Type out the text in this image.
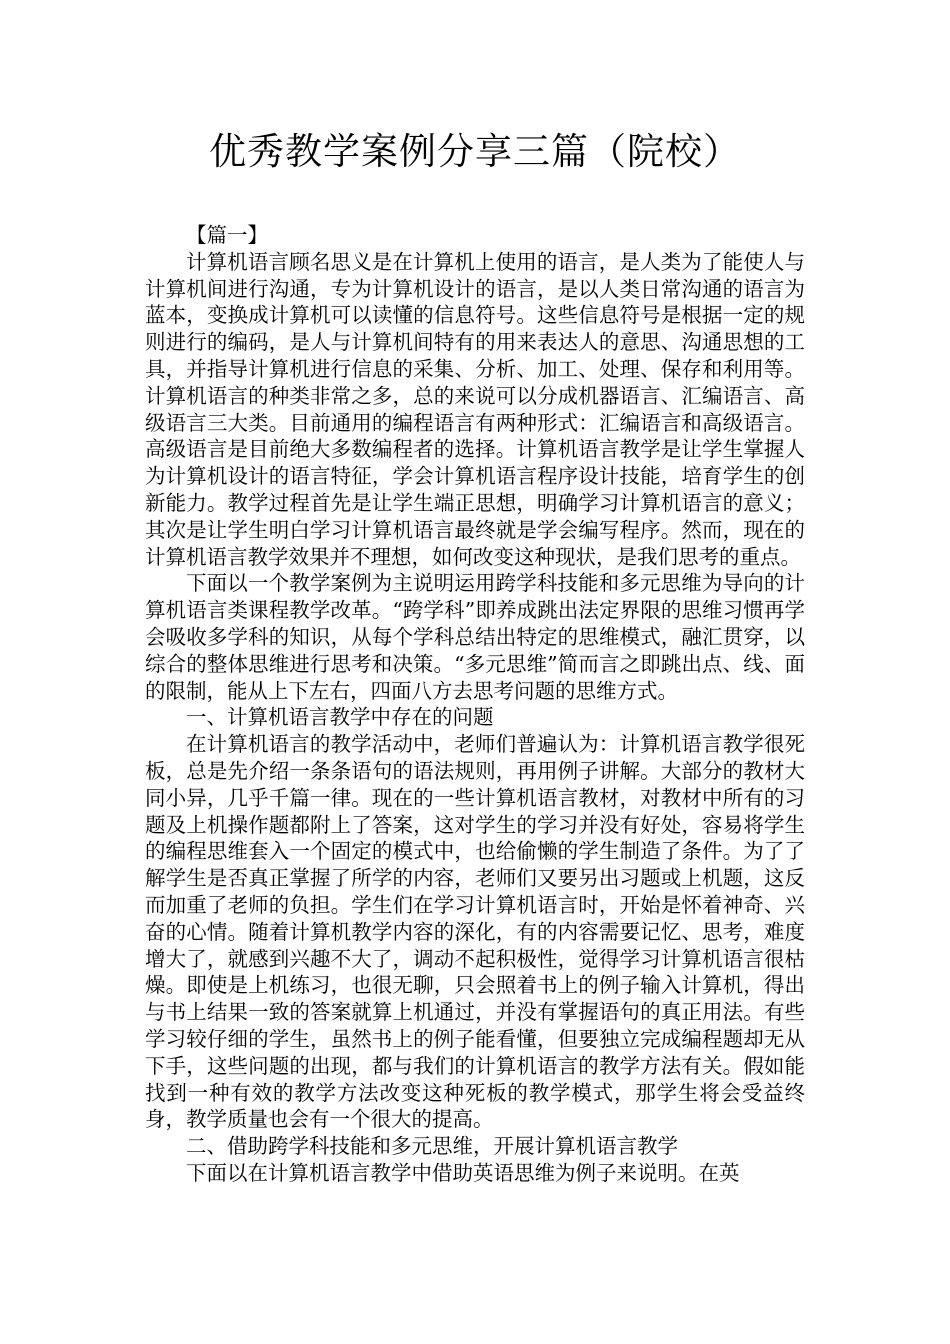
优秀教学案例分享三篇（院校）

【篇一】

计算机语言顾名思义是在计算机上使用的语言，是人类为了能使人与计算机间进行沟通，专为计算机设计的语言，是以人类日常沟通的语言为蓝本，变换成计算机可以读懂的信息符号。这些信息符号是根据一定的规则进行的编码，是人与计算机间特有的用来表达人的意思、沟通思想的工具，并指导计算机进行信息的采集、分析、加工、处理、保存和利用等。计算机语言的种类非常之多，总的来说可以分成机器语言、汇编语言、高级语言三大类。目前通用的编程语言有两种形式：汇编语言和高级语言。高级语言是目前绝大多数编程者的选择。计算机语言教学是让学生掌握人为计算机设计的语言特征，学会计算机语言程序设计技能，培育学生的创新能力。教学过程首先是让学生端正思想，明确学习计算机语言的意义；其次是让学生明白学习计算机语言最终就是学会编写程序。然而，现在的计算机语言教学效果并不理想，如何改变这种现状，是我们思考的重点。

下面以一个教学案例为主说明运用跨学科技能和多元思维为导向的计算机语言类课程教学改革。“跨学科”即养成跳出法定界限的思维习惯再学会吸收多学科的知识，从每个学科总结出特定的思维模式，融汇贯穿，以综合的整体思维进行思考和决策。“多元思维”简而言之即跳出点、线、面的限制，能从上下左右，四面八方去思考问题的思维方式。

一、计算机语言教学中存在的问题

在计算机语言的教学活动中，老师们普遍认为：计算机语言教学很死板，总是先介绍一条条语句的语法规则，再用例子讲解。大部分的教材大同小异，几乎千篇一律。现在的一些计算机语言教材，对教材中所有的习题及上机操作题都附上了答案，这对学生的学习并没有好处，容易将学生的编程思维套入一个固定的模式中，也给偷懒的学生制造了条件。为了了解学生是否真正掌握了所学的内容，老师们又要另出习题或上机题，这反而加重了老师的负担。学生们在学习计算机语言时，开始是怀着神奇、兴奋的心情。随着计算机教学内容的深化，有的内容需要记忆、思考，难度增大了，就感到兴趣不大了，调动不起积极性，觉得学习计算机语言很枯燥。即使是上机练习，也很无聊，只会照着书上的例子输入计算机，得出与书上结果一致的答案就算上机通过，并没有掌握语句的真正用法。有些学习较仔细的学生，虽然书上的例子能看懂，但要独立完成编程题却无从下手，这些问题的出现，都与我们的计算机语言的教学方法有关。假如能找到一种有效的教学方法改变这种死板的教学模式，那学生将会受益终身，教学质量也会有一个很大的提高。

二、借助跨学科技能和多元思维，开展计算机语言教学

下面以在计算机语言教学中借助英语思维为例子来说明。在英
